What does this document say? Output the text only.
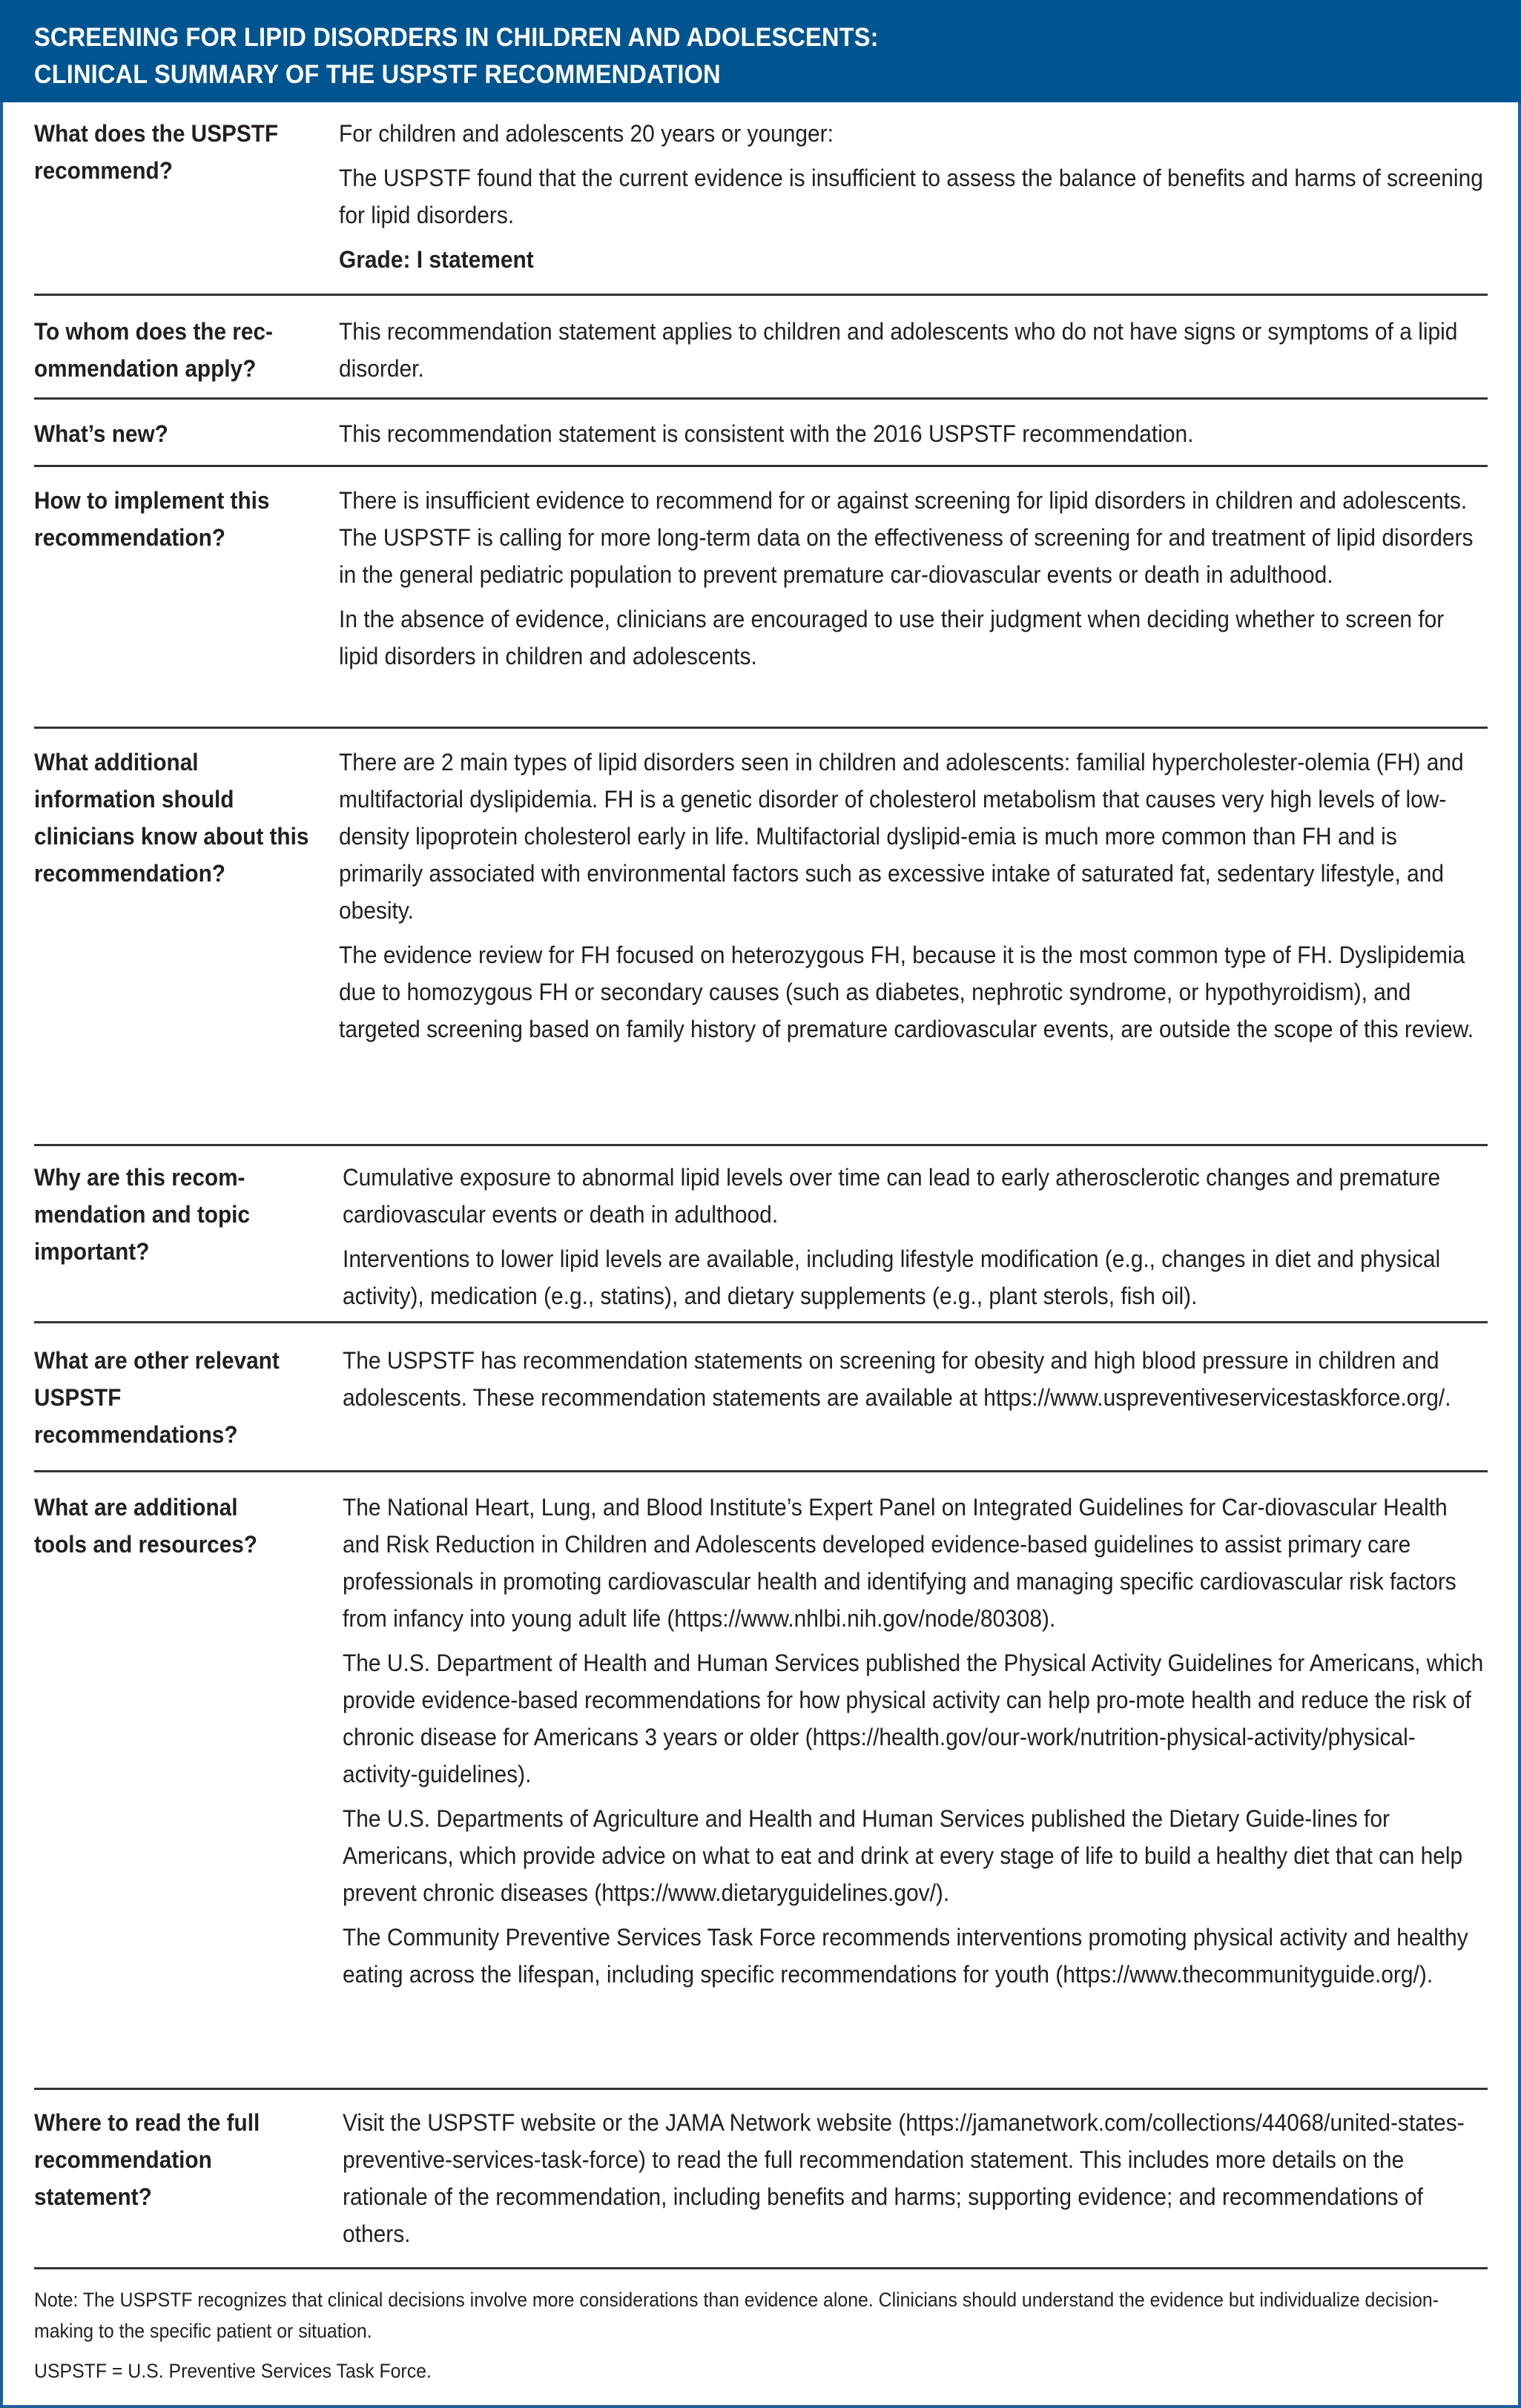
SCREENING FOR LIPID DISORDERS IN CHILDREN AND ADOLESCENTS:
CLINICAL SUMMARY OF THE USPSTF RECOMMENDATION
What does the USPSTF recommend?

For children and adolescents 20 years or younger:

The USPSTF found that the current evidence is insufficient to assess the balance of benefits and harms of screening for lipid disorders.

Grade: I statement

To whom does the rec-ommendation apply?

This recommendation statement applies to children and adolescents who do not have signs or symptoms of a lipid disorder.

What’s new?	This recommendation statement is consistent with the 2016 USPSTF recommendation.

How to implement this recommendation?

There is insufficient evidence to recommend for or against screening for lipid disorders in children and adolescents. The USPSTF is calling for more long-term data on the effectiveness of screening for and treatment of lipid disorders in the general pediatric population to prevent premature car-diovascular events or death in adulthood.

In the absence of evidence, clinicians are encouraged to use their judgment when deciding whether to screen for lipid disorders in children and adolescents.

What additional information should clinicians know about this recommendation?

There are 2 main types of lipid disorders seen in children and adolescents: familial hypercholester-olemia (FH) and multifactorial dyslipidemia. FH is a genetic disorder of cholesterol metabolism that causes very high levels of low-density lipoprotein cholesterol early in life. Multifactorial dyslipid-emia is much more common than FH and is primarily associated with environmental factors such as excessive intake of saturated fat, sedentary lifestyle, and obesity.

The evidence review for FH focused on heterozygous FH, because it is the most common type of FH. Dyslipidemia due to homozygous FH or secondary causes (such as diabetes, nephrotic syndrome, or hypothyroidism), and targeted screening based on family history of premature cardiovascular events, are outside the scope of this review.

Why are this recom-mendation and topic important?

Cumulative exposure to abnormal lipid levels over time can lead to early atherosclerotic changes and premature cardiovascular events or death in adulthood.

Interventions to lower lipid levels are available, including lifestyle modification (e.g., changes in diet and physical activity), medication (e.g., statins), and dietary supplements (e.g., plant sterols, fish oil).

What are other relevant USPSTF recommendations?

The USPSTF has recommendation statements on screening for obesity and high blood pressure in children and adolescents. These recommendation statements are available at https://www.uspreventiveservicestaskforce.org/.

What are additional tools and resources?

The National Heart, Lung, and Blood Institute’s Expert Panel on Integrated Guidelines for Car-diovascular Health and Risk Reduction in Children and Adolescents developed evidence-based guidelines to assist primary care professionals in promoting cardiovascular health and identifying and managing specific cardiovascular risk factors from infancy into young adult life (https://www.nhlbi.nih.gov/node/80308).

The U.S. Department of Health and Human Services published the Physical Activity Guidelines for Americans, which provide evidence-based recommendations for how physical activity can help pro-mote health and reduce the risk of chronic disease for Americans 3 years or older (https://health.gov/our-work/nutrition-physical-activity/physical-activity-guidelines).

The U.S. Departments of Agriculture and Health and Human Services published the Dietary Guide-lines for Americans, which provide advice on what to eat and drink at every stage of life to build a healthy diet that can help prevent chronic diseases (https://www.dietaryguidelines.gov/).

The Community Preventive Services Task Force recommends interventions promoting physical activity and healthy eating across the lifespan, including specific recommendations for youth (https://www.thecommunityguide.org/).

Where to read the full recommendation statement?

Visit the USPSTF website or the JAMA Network website (https://jamanetwork.com/collections/44068/united-states-preventive-services-task-force) to read the full recommendation statement. This includes more details on the rationale of the recommendation, including benefits and harms; supporting evidence; and recommendations of others.

Note: The USPSTF recognizes that clinical decisions involve more considerations than evidence alone. Clinicians should understand the evidence but individualize decision-making to the specific patient or situation.

USPSTF = U.S. Preventive Services Task Force.
